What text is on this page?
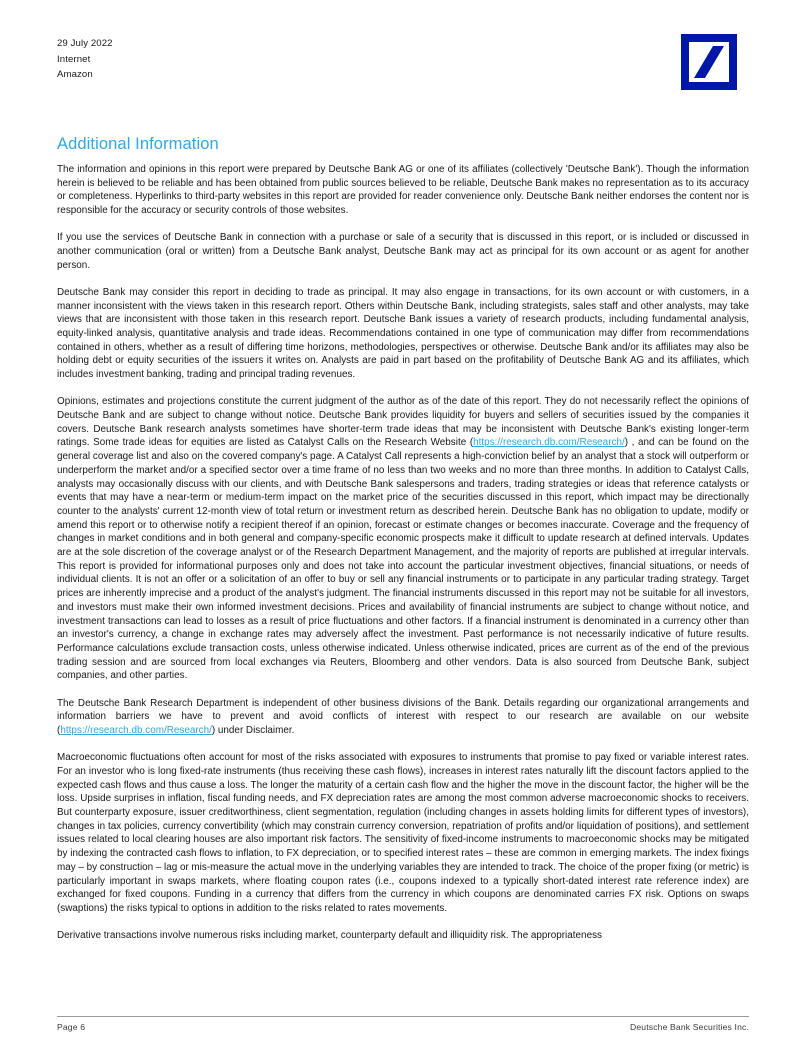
29 July 2022
Internet
Amazon
Additional Information

The information and opinions in this report were prepared by Deutsche Bank AG or one of its affiliates (collectively 'Deutsche Bank'). Though the information herein is believed to be reliable and has been obtained from public sources believed to be reliable, Deutsche Bank makes no representation as to its accuracy or completeness. Hyperlinks to third-party websites in this report are provided for reader convenience only. Deutsche Bank neither endorses the content nor is responsible for the accuracy or security controls of those websites.

If you use the services of Deutsche Bank in connection with a purchase or sale of a security that is discussed in this report, or is included or discussed in another communication (oral or written) from a Deutsche Bank analyst, Deutsche Bank may act as principal for its own account or as agent for another person.

Deutsche Bank may consider this report in deciding to trade as principal. It may also engage in transactions, for its own account or with customers, in a manner inconsistent with the views taken in this research report. Others within Deutsche Bank, including strategists, sales staff and other analysts, may take views that are inconsistent with those taken in this research report. Deutsche Bank issues a variety of research products, including fundamental analysis, equity-linked analysis, quantitative analysis and trade ideas. Recommendations contained in one type of communication may differ from recommendations contained in others, whether as a result of differing time horizons, methodologies, perspectives or otherwise. Deutsche Bank and/or its affiliates may also be holding debt or equity securities of the issuers it writes on. Analysts are paid in part based on the profitability of Deutsche Bank AG and its affiliates, which includes investment banking, trading and principal trading revenues.

Opinions, estimates and projections constitute the current judgment of the author as of the date of this report. They do not necessarily reflect the opinions of Deutsche Bank and are subject to change without notice. Deutsche Bank provides liquidity for buyers and sellers of securities issued by the companies it covers. Deutsche Bank research analysts sometimes have shorter-term trade ideas that may be inconsistent with Deutsche Bank's existing longer-term ratings. Some trade ideas for equities are listed as Catalyst Calls on the Research Website (https://research.db.com/Research/) , and can be found on the general coverage list and also on the covered company's page. A Catalyst Call represents a high-conviction belief by an analyst that a stock will outperform or underperform the market and/or a specified sector over a time frame of no less than two weeks and no more than three months. In addition to Catalyst Calls, analysts may occasionally discuss with our clients, and with Deutsche Bank salespersons and traders, trading strategies or ideas that reference catalysts or events that may have a near-term or medium-term impact on the market price of the securities discussed in this report, which impact may be directionally counter to the analysts' current 12-month view of total return or investment return as described herein. Deutsche Bank has no obligation to update, modify or amend this report or to otherwise notify a recipient thereof if an opinion, forecast or estimate changes or becomes inaccurate. Coverage and the frequency of changes in market conditions and in both general and company-specific economic prospects make it difficult to update research at defined intervals. Updates are at the sole discretion of the coverage analyst or of the Research Department Management, and the majority of reports are published at irregular intervals. This report is provided for informational purposes only and does not take into account the particular investment objectives, financial situations, or needs of individual clients. It is not an offer or a solicitation of an offer to buy or sell any financial instruments or to participate in any particular trading strategy. Target prices are inherently imprecise and a product of the analyst's judgment. The financial instruments discussed in this report may not be suitable for all investors, and investors must make their own informed investment decisions. Prices and availability of financial instruments are subject to change without notice, and investment transactions can lead to losses as a result of price fluctuations and other factors. If a financial instrument is denominated in a currency other than an investor's currency, a change in exchange rates may adversely affect the investment. Past performance is not necessarily indicative of future results. Performance calculations exclude transaction costs, unless otherwise indicated. Unless otherwise indicated, prices are current as of the end of the previous trading session and are sourced from local exchanges via Reuters, Bloomberg and other vendors. Data is also sourced from Deutsche Bank, subject companies, and other parties.

The Deutsche Bank Research Department is independent of other business divisions of the Bank. Details regarding our organizational arrangements and information barriers we have to prevent and avoid conflicts of interest with respect to our research are available on our website (https://research.db.com/Research/) under Disclaimer.

Macroeconomic fluctuations often account for most of the risks associated with exposures to instruments that promise to pay fixed or variable interest rates. For an investor who is long fixed-rate instruments (thus receiving these cash flows), increases in interest rates naturally lift the discount factors applied to the expected cash flows and thus cause a loss. The longer the maturity of a certain cash flow and the higher the move in the discount factor, the higher will be the loss. Upside surprises in inflation, fiscal funding needs, and FX depreciation rates are among the most common adverse macroeconomic shocks to receivers. But counterparty exposure, issuer creditworthiness, client segmentation, regulation (including changes in assets holding limits for different types of investors), changes in tax policies, currency convertibility (which may constrain currency conversion, repatriation of profits and/or liquidation of positions), and settlement issues related to local clearing houses are also important risk factors. The sensitivity of fixed-income instruments to macroeconomic shocks may be mitigated by indexing the contracted cash flows to inflation, to FX depreciation, or to specified interest rates – these are common in emerging markets. The index fixings may – by construction – lag or mis-measure the actual move in the underlying variables they are intended to track. The choice of the proper fixing (or metric) is particularly important in swaps markets, where floating coupon rates (i.e., coupons indexed to a typically short-dated interest rate reference index) are exchanged for fixed coupons. Funding in a currency that differs from the currency in which coupons are denominated carries FX risk. Options on swaps (swaptions) the risks typical to options in addition to the risks related to rates movements.

Derivative transactions involve numerous risks including market, counterparty default and illiquidity risk. The appropriateness

Page 6	Deutsche Bank Securities Inc.
